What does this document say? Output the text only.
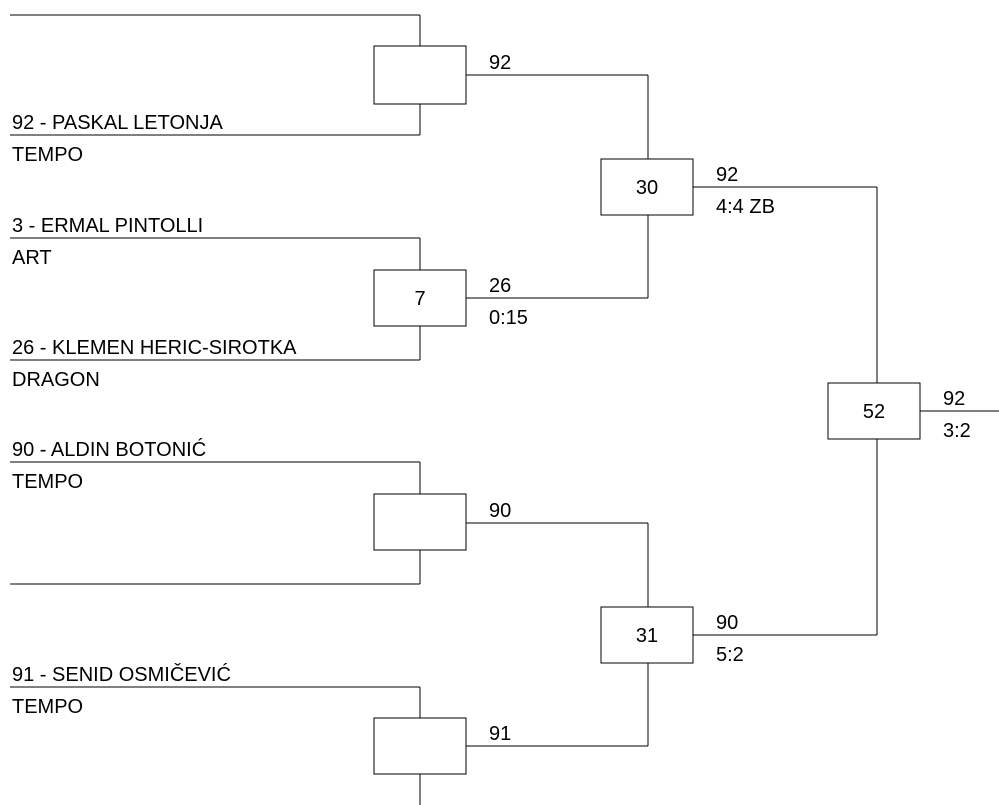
92 - PASKAL LETONJA
TEMPO
3 - ERMAL PINTOLLI
ART
26 - KLEMEN HERIC-SIROTKA
DRAGON
90 - ALDIN BOTONIĆ
TEMPO
91 - SENID OSMIČEVIĆ
TEMPO
7
30
31
52
92
26
0:15
90
91
92
4:4 ZB
90
5:2
92
3:2
